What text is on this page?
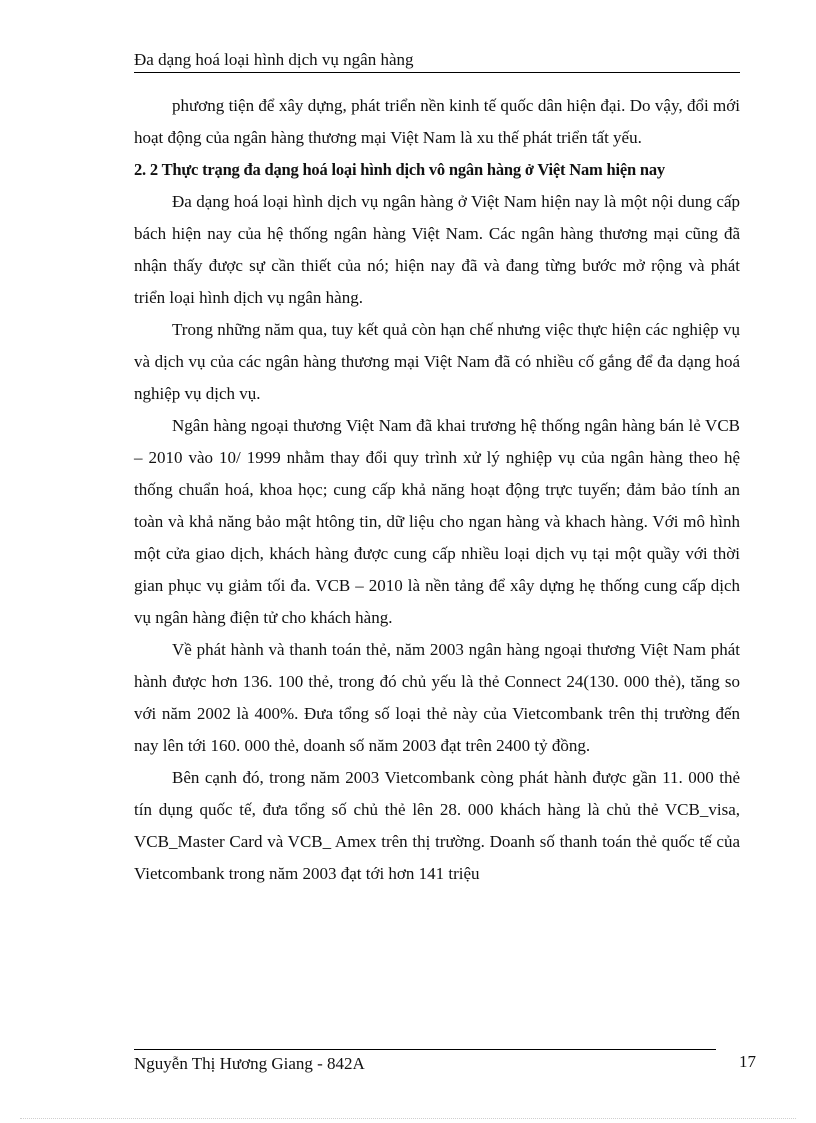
Đa dạng hoá loại hình dịch vụ ngân hàng

phương tiện để xây dựng, phát triển nền kinh tế quốc dân hiện đại. Do vậy, đổi mới hoạt động của ngân hàng thương mại Việt Nam là xu thế phát triển tất yếu.

2. 2 Thực trạng đa dạng hoá loại hình dịch vô ngân hàng ở Việt Nam hiện nay

Đa dạng hoá loại hình dịch vụ ngân hàng ở Việt Nam hiện nay là một nội dung cấp bách hiện nay của hệ thống ngân hàng Việt Nam. Các ngân hàng thương mại cũng đã nhận thấy được sự cần thiết của nó; hiện nay đã và đang từng bước mở rộng và phát triển loại hình dịch vụ ngân hàng.

Trong những năm qua, tuy kết quả còn hạn chế nhưng việc thực hiện các nghiệp vụ và dịch vụ của các ngân hàng thương mại Việt Nam đã có nhiều cố gắng để đa dạng hoá nghiệp vụ dịch vụ.

Ngân hàng ngoại thương Việt Nam đã khai trương hệ thống ngân hàng bán lẻ VCB – 2010 vào 10/ 1999 nhằm thay đổi quy trình xử lý nghiệp vụ của ngân hàng theo hệ thống chuẩn hoá, khoa học; cung cấp khả năng hoạt động trực tuyến; đảm bảo tính an toàn và khả năng bảo mật htông tin, dữ liệu cho ngan hàng và khach hàng. Với mô hình một cửa giao dịch, khách hàng được cung cấp nhiều loại dịch vụ tại một quầy với thời gian phục vụ giảm tối đa. VCB – 2010 là nền tảng để xây dựng hẹ thống cung cấp dịch vụ ngân hàng điện tử cho khách hàng.

Về phát hành và thanh toán thẻ, năm 2003 ngân hàng ngoại thương Việt Nam phát hành được hơn 136. 100 thẻ, trong đó chủ yếu là thẻ Connect 24(130. 000 thẻ), tăng so với năm 2002 là 400%. Đưa tổng số loại thẻ này của Vietcombank trên thị trường đến nay lên tới 160. 000 thẻ, doanh số năm 2003 đạt trên 2400 tỷ đồng.

Bên cạnh đó, trong năm 2003 Vietcombank còng phát hành được gần 11. 000 thẻ tín dụng quốc tế, đưa tổng số chủ thẻ lên 28. 000 khách hàng là chủ thẻ VCB_visa, VCB_Master Card và VCB_ Amex trên thị trường. Doanh số thanh toán thẻ quốc tế của Vietcombank trong năm 2003 đạt tới hơn 141 triệu

Nguyễn Thị Hương Giang - 842A	17
